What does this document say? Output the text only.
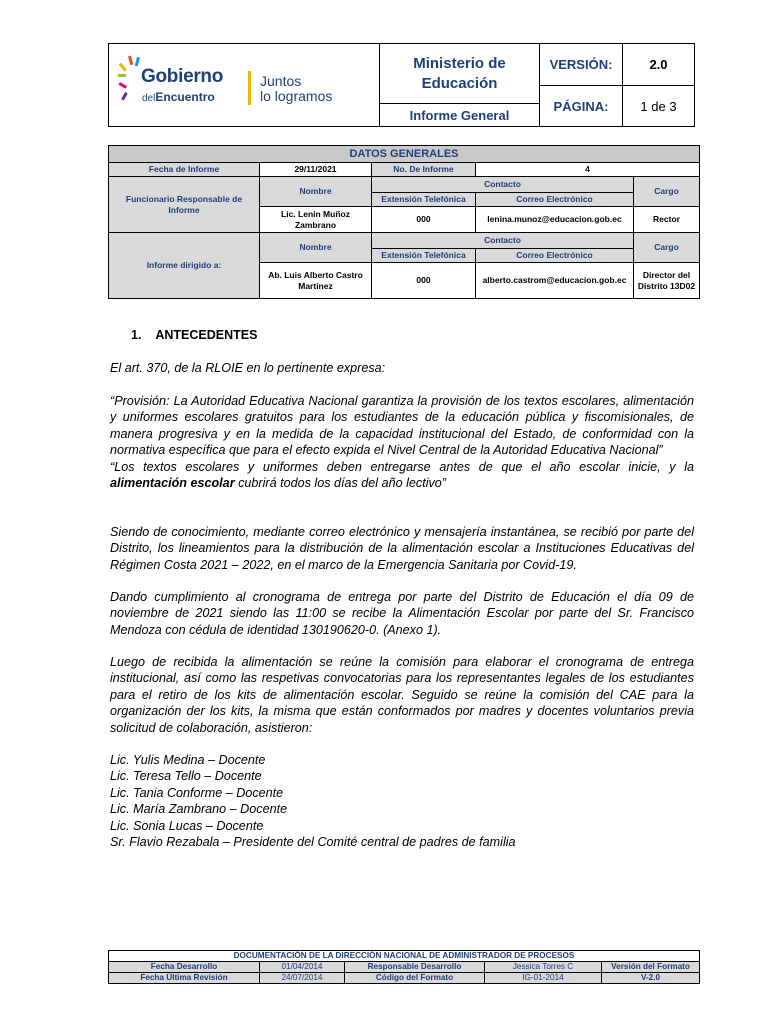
Gobierno
delEncuentro
Juntos
lo logramos
Ministerio de
Educación
Informe General
VERSIÓN:	2.0
PÁGINA:	1 de 3
DATOS GENERALES				
Fecha de Informe	29/11/2021	No. De Informe	4	
Funcionario Responsable de Informe	Nombre	Contacto		Cargo
		Extensión Telefónica	Correo Electrónico	
	Lic. Lenin Muñoz Zambrano	000	lenina.munoz@educacion.gob.ec	Rector
Informe dirigido a:	Nombre	Contacto		Cargo
		Extensión Telefónica	Correo Electrónico	
	Ab. Luis Alberto Castro Martínez	000	alberto.castrom@educacion.gob.ec	Director del Distrito 13D02
1.    ANTECEDENTES

El art. 370, de la RLOIE en lo pertinente expresa:

“Provisión: La Autoridad Educativa Nacional garantiza la provisión de los textos escolares, alimentación y uniformes escolares gratuitos para los estudiantes de la educación pública y fiscomisionales, de manera progresiva y en la medida de la capacidad institucional del Estado, de conformidad con la normativa específica que para el efecto expida el Nivel Central de la Autoridad Educativa Nacional”

“Los textos escolares y uniformes deben entregarse antes de que el año escolar inicie, y la alimentación escolar cubrirá todos los días del año lectivo”

Siendo de conocimiento, mediante correo electrónico y mensajería instantánea, se recibió por parte del Distrito, los lineamientos para la distribución de la alimentación escolar a Instituciones Educativas del Régimen Costa 2021 – 2022, en el marco de la Emergencia Sanitaria por Covid-19.

Dando cumplimiento al cronograma de entrega por parte del Distrito de Educación el día 09 de noviembre de 2021 siendo las 11:00 se recibe la Alimentación Escolar por parte del Sr. Francisco Mendoza con cédula de identidad 130190620-0. (Anexo 1).

Luego de recibida la alimentación se reúne la comisión para elaborar el cronograma de entrega institucional, así como las respetivas convocatorias para los representantes legales de los estudiantes para el retiro de los kits de alimentación escolar. Seguido se reúne la comisión del CAE para la organización der los kits, la misma que están conformados por madres y docentes voluntarios previa solicitud de colaboración, asistieron:

Lic. Yulis Medina – Docente
Lic. Teresa Tello – Docente
Lic. Tania Conforme – Docente
Lic. María Zambrano – Docente
Lic. Sonia Lucas – Docente
Sr. Flavio Rezabala – Presidente del Comité central de padres de familia
DOCUMENTACIÓN DE LA DIRECCIÓN NACIONAL DE ADMINISTRADOR DE PROCESOS				
Fecha Desarrollo	01/04/2014	Responsable Desarrollo	Jessica Torres C	Versión del Formato
Fecha Última Revisión	24/07/2014	Código del Formato	IG-01-2014	V-2.0
